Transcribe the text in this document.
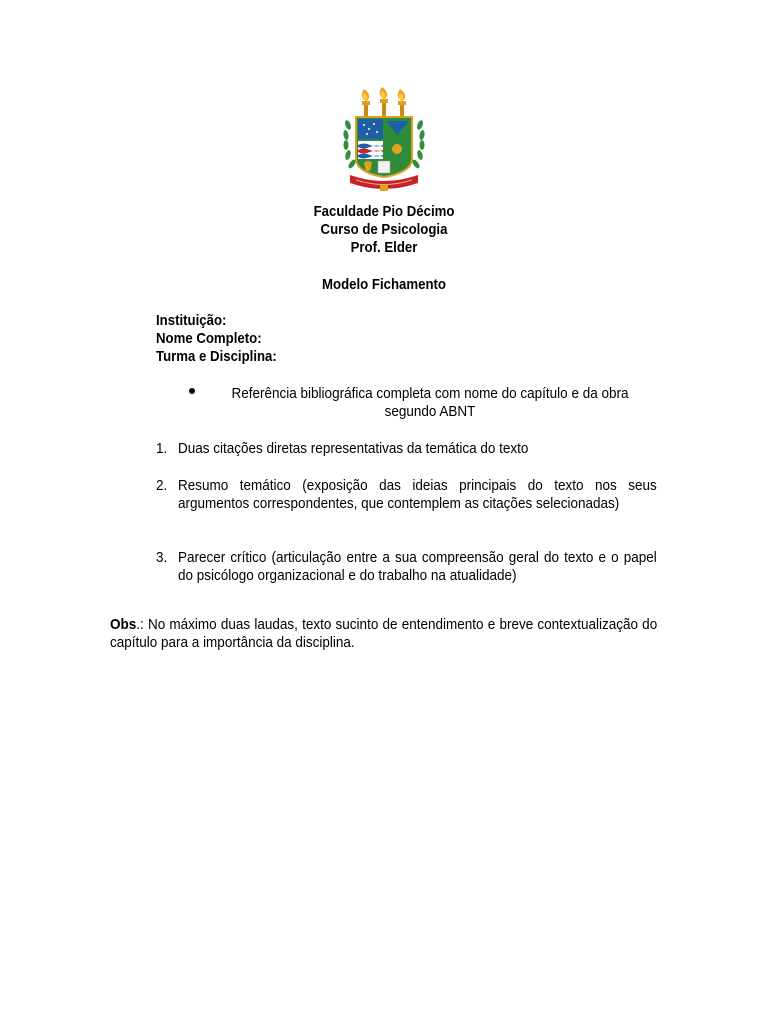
Faculdade Pio Décimo
Curso de Psicologia
Prof. Elder
Modelo Fichamento
Instituição:
Nome Completo:
Turma e Disciplina:
Referência bibliográfica completa com nome do capítulo e da obra segundo ABNT
1. Duas citações diretas representativas da temática do texto
2. Resumo temático (exposição das ideias principais do texto nos seus argumentos correspondentes, que contemplem as citações selecionadas)
3. Parecer crítico (articulação entre a sua compreensão geral do texto e o papel do psicólogo organizacional e do trabalho na atualidade)
Obs.: No máximo duas laudas, texto sucinto de entendimento e breve contextualização do capítulo para a importância da disciplina.
